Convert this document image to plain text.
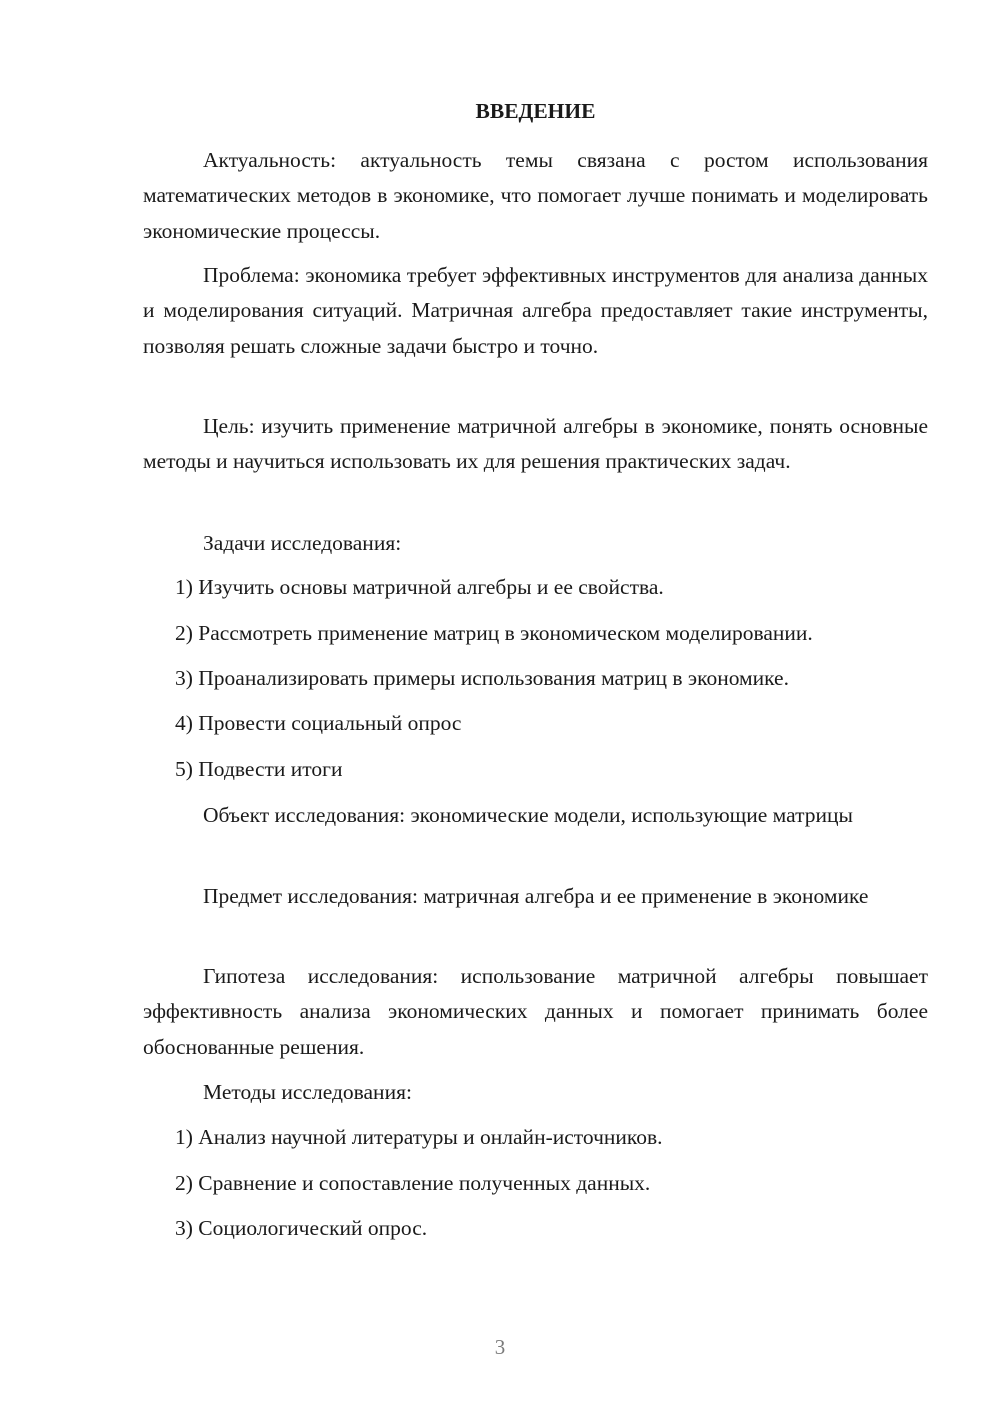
ВВЕДЕНИЕ

Актуальность: актуальность темы связана с ростом использования математических методов в экономике, что помогает лучше понимать и моделировать экономические процессы.

Проблема: экономика требует эффективных инструментов для анализа данных и моделирования ситуаций. Матричная алгебра предоставляет такие инструменты, позволяя решать сложные задачи быстро и точно.

Цель: изучить применение матричной алгебры в экономике, понять основные методы и научиться использовать их для решения практических задач.

Задачи исследования:

1) Изучить основы матричной алгебры и ее свойства.

2) Рассмотреть применение матриц в экономическом моделировании.

3) Проанализировать примеры использования матриц в экономике.

4) Провести социальный опрос

5) Подвести итоги

Объект исследования: экономические модели, использующие матрицы

Предмет исследования: матричная алгебра и ее применение в экономике

Гипотеза исследования: использование матричной алгебры повышает эффективность анализа экономических данных и помогает принимать более обоснованные решения.

Методы исследования:

1) Анализ научной литературы и онлайн-источников.

2) Сравнение и сопоставление полученных данных.

3) Социологический опрос.

3
